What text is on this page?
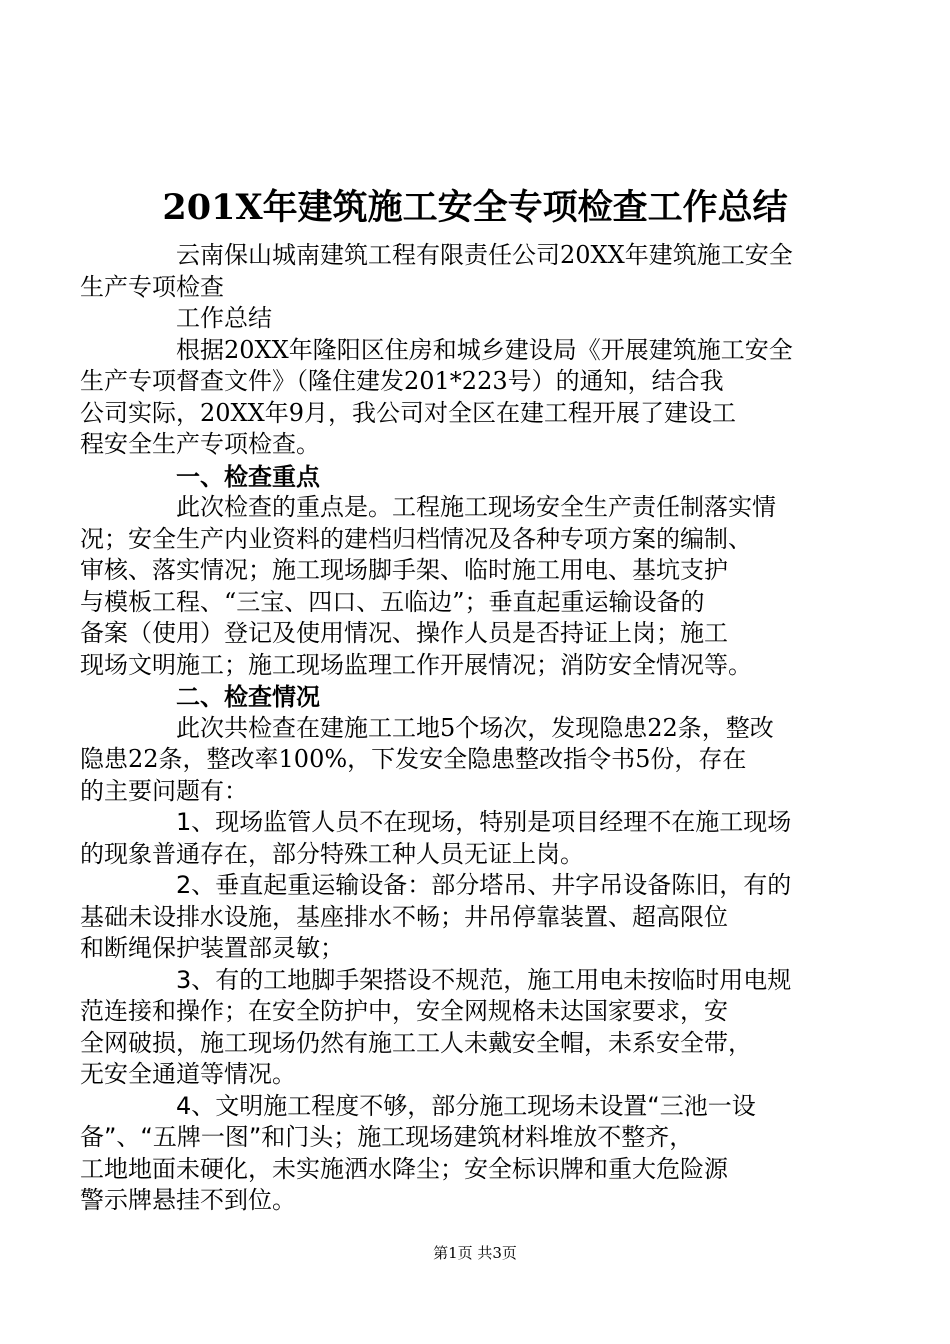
201X年建筑施工安全专项检查工作总结
云南保山城南建筑工程有限责任公司20XX年建筑施工安全
生产专项检查
工作总结
根据20XX年隆阳区住房和城乡建设局《开展建筑施工安全
生产专项督查文件》（隆住建发201*223号）的通知，结合我
公司实际，20XX年9月，我公司对全区在建工程开展了建设工
程安全生产专项检查。
一、检查重点
此次检查的重点是。工程施工现场安全生产责任制落实情
况；安全生产内业资料的建档归档情况及各种专项方案的编制、
审核、落实情况；施工现场脚手架、临时施工用电、基坑支护
与模板工程、“三宝、四口、五临边”；垂直起重运输设备的
备案（使用）登记及使用情况、操作人员是否持证上岗；施工
现场文明施工；施工现场监理工作开展情况；消防安全情况等。
二、检查情况
此次共检查在建施工工地5个场次，发现隐患22条，整改
隐患22条，整改率100%，下发安全隐患整改指令书5份，存在
的主要问题有：
1、现场监管人员不在现场，特别是项目经理不在施工现场
的现象普通存在，部分特殊工种人员无证上岗。
2、垂直起重运输设备：部分塔吊、井字吊设备陈旧，有的
基础未设排水设施，基座排水不畅；井吊停靠装置、超高限位
和断绳保护装置部灵敏；
3、有的工地脚手架搭设不规范，施工用电未按临时用电规
范连接和操作；在安全防护中，安全网规格未达国家要求，安
全网破损，施工现场仍然有施工工人未戴安全帽，未系安全带，
无安全通道等情况。
4、文明施工程度不够，部分施工现场未设置“三池一设
备”、“五牌一图”和门头；施工现场建筑材料堆放不整齐，
工地地面未硬化，未实施洒水降尘；安全标识牌和重大危险源
警示牌悬挂不到位。
第1页 共3页
